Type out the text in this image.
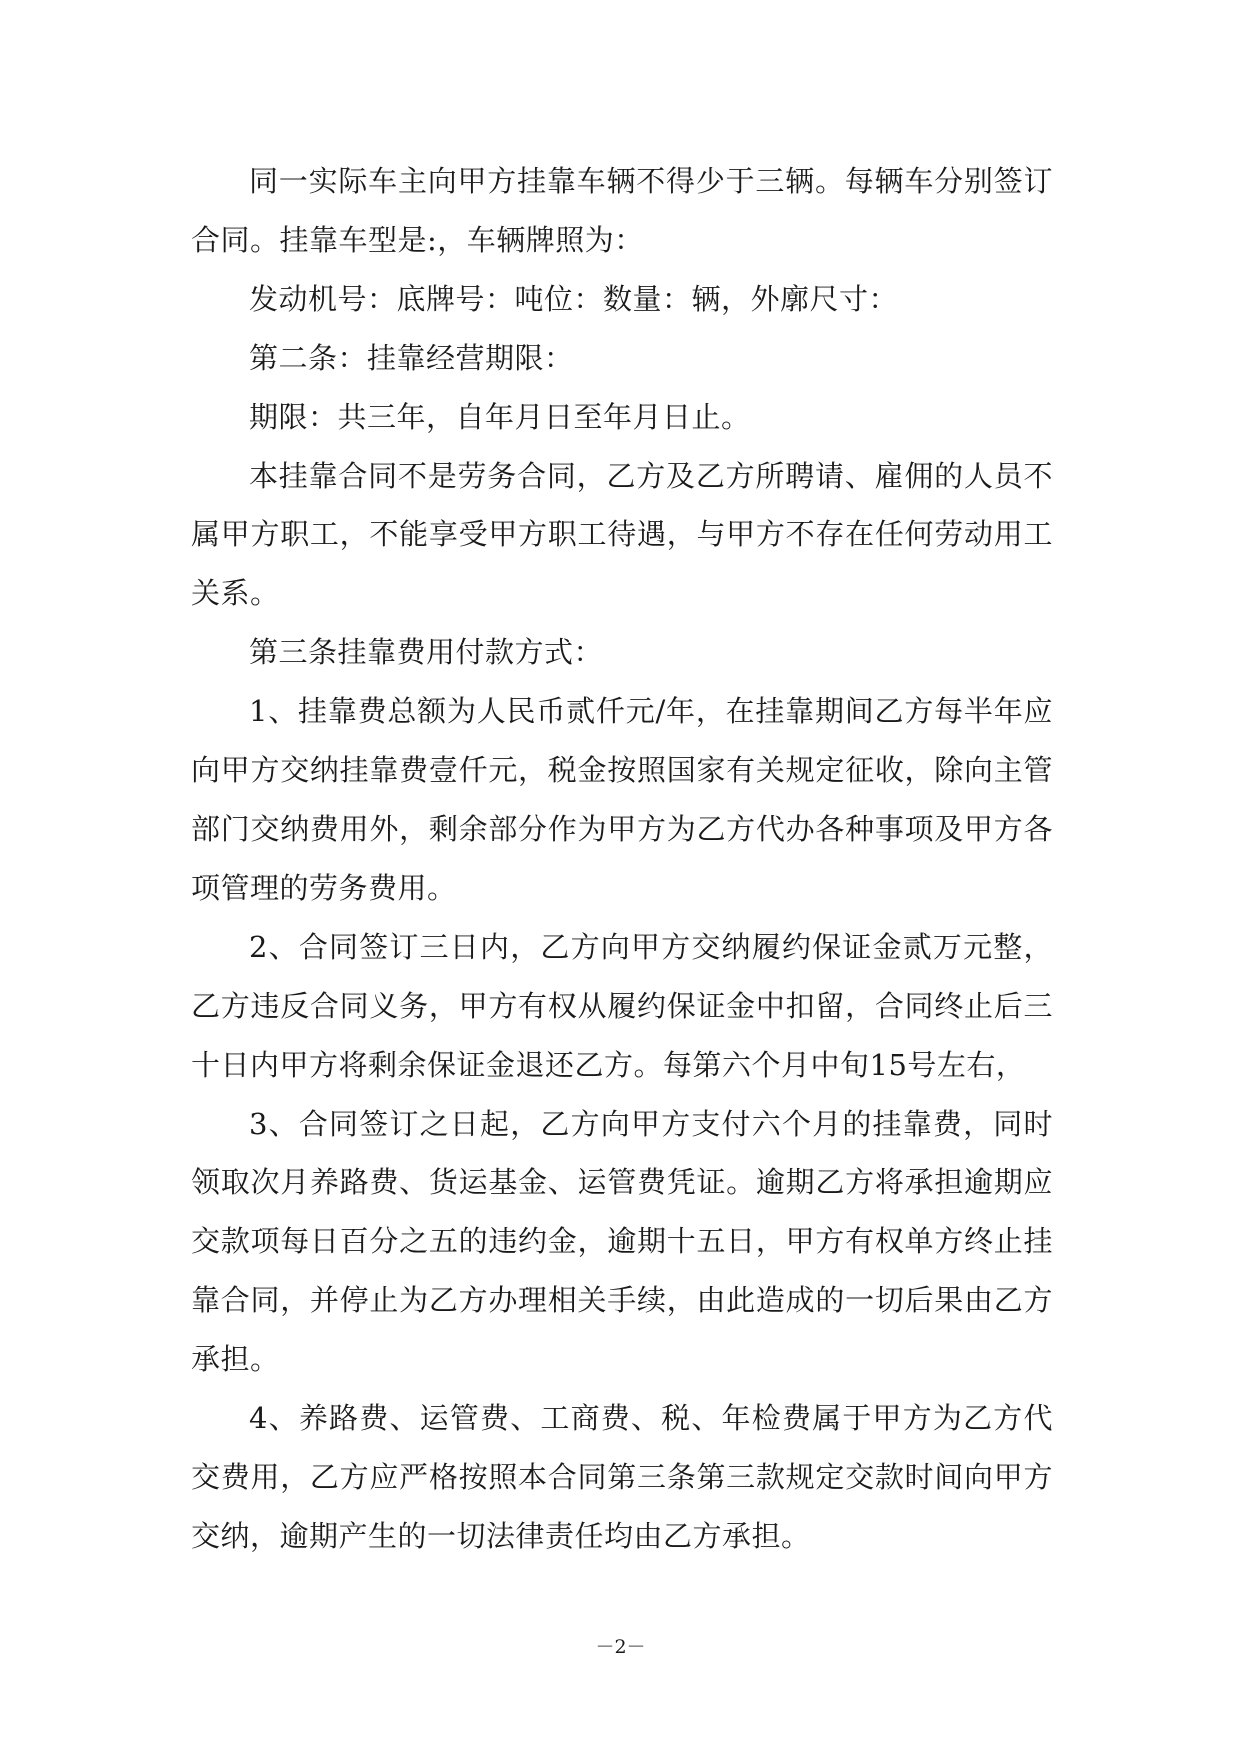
同一实际车主向甲方挂靠车辆不得少于三辆。每辆车分别签订合同。挂靠车型是:，车辆牌照为：

发动机号：底牌号：吨位：数量：辆，外廓尺寸：

第二条：挂靠经营期限：

期限：共三年，自年月日至年月日止。

本挂靠合同不是劳务合同，乙方及乙方所聘请、雇佣的人员不属甲方职工，不能享受甲方职工待遇，与甲方不存在任何劳动用工关系。

第三条挂靠费用付款方式：

1、挂靠费总额为人民币贰仟元/年，在挂靠期间乙方每半年应向甲方交纳挂靠费壹仟元，税金按照国家有关规定征收，除向主管部门交纳费用外，剩余部分作为甲方为乙方代办各种事项及甲方各项管理的劳务费用。

2、合同签订三日内，乙方向甲方交纳履约保证金贰万元整，乙方违反合同义务，甲方有权从履约保证金中扣留，合同终止后三十日内甲方将剩余保证金退还乙方。每第六个月中旬15号左右，

3、合同签订之日起，乙方向甲方支付六个月的挂靠费，同时领取次月养路费、货运基金、运管费凭证。逾期乙方将承担逾期应交款项每日百分之五的违约金，逾期十五日，甲方有权单方终止挂靠合同，并停止为乙方办理相关手续，由此造成的一切后果由乙方承担。

4、养路费、运管费、工商费、税、年检费属于甲方为乙方代交费用，乙方应严格按照本合同第三条第三款规定交款时间向甲方交纳，逾期产生的一切法律责任均由乙方承担。

－2－
